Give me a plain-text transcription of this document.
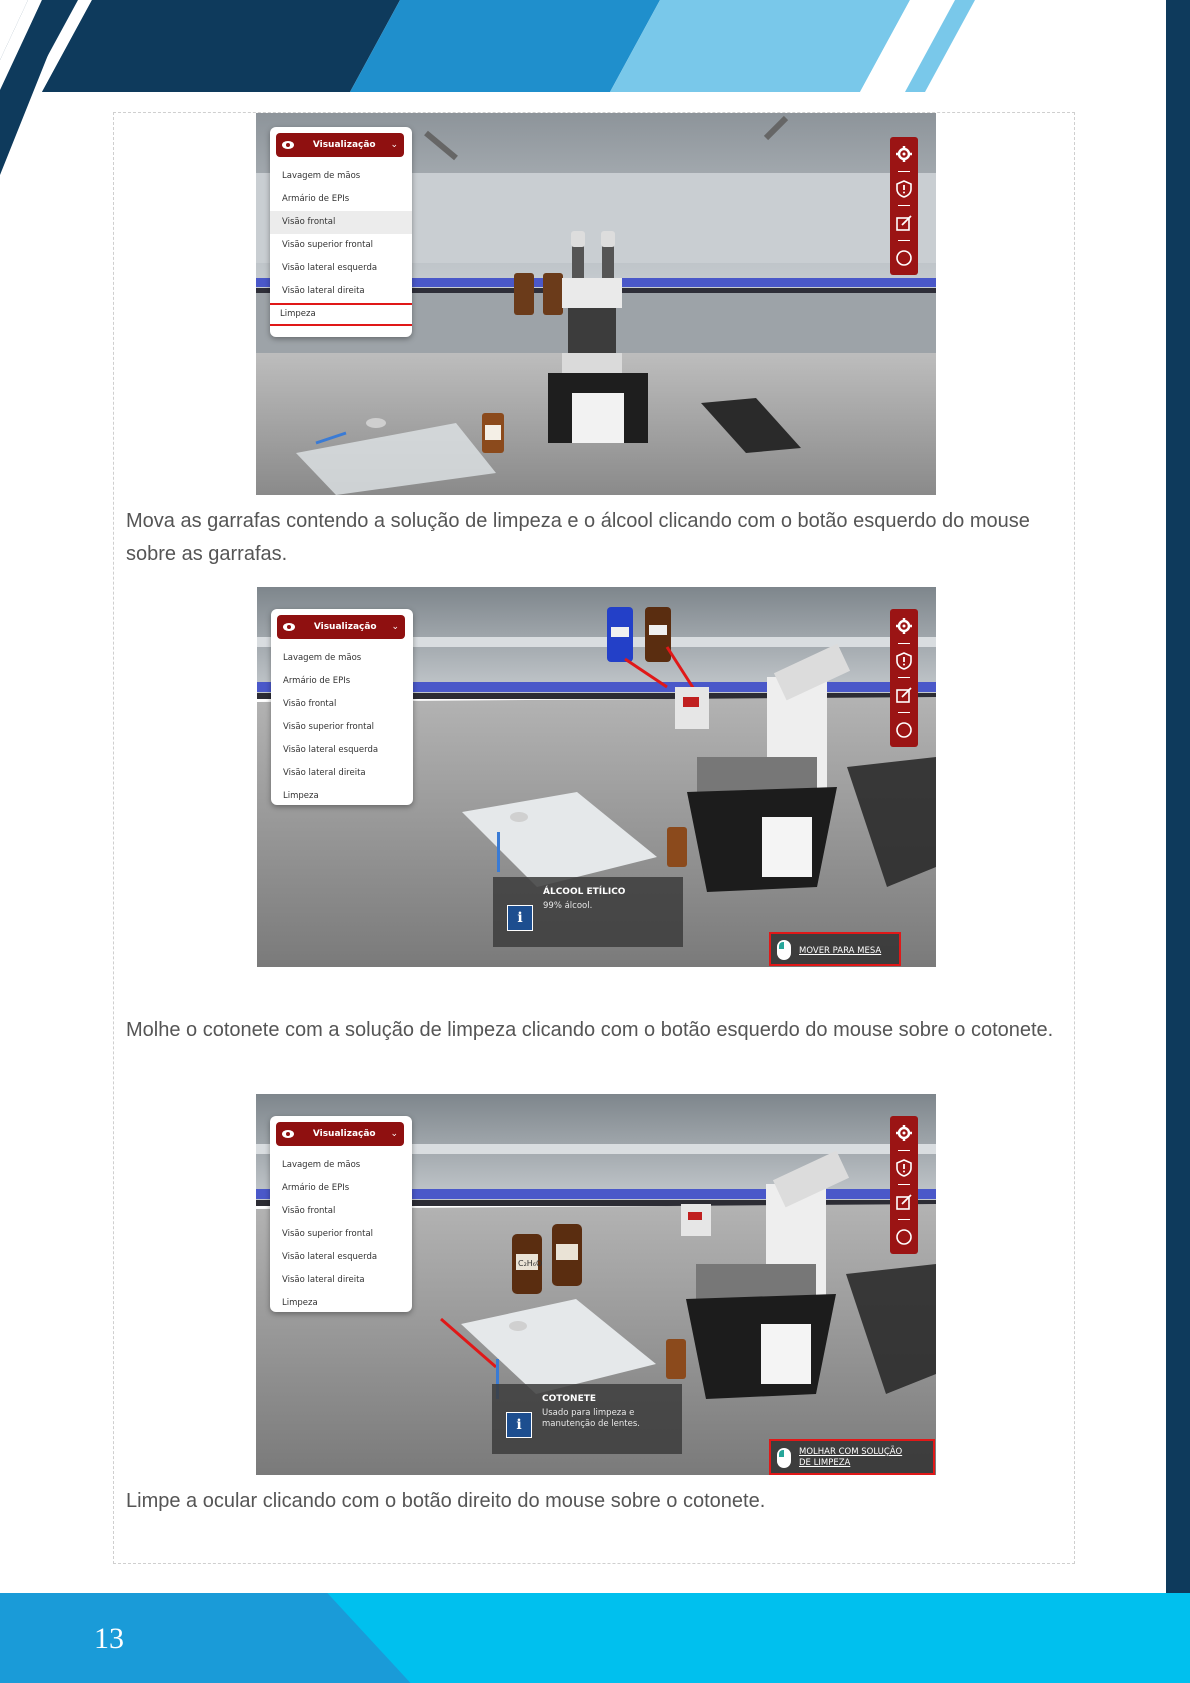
Visualização	⌄
Lavagem de mãos
Armário de EPIs
Visão frontal
Visão superior frontal
Visão lateral esquerda
Visão lateral direita
Limpeza

Mova as garrafas contendo a solução de limpeza e o álcool clicando com o botão esquerdo do mouse sobre as garrafas.

Visualização	⌄
Lavagem de mãos
Armário de EPIs
Visão frontal
Visão superior frontal
Visão lateral esquerda
Visão lateral direita
Limpeza
i
ÁLCOOL ETÍLICO
99% álcool.
MOVER PARA MESA

Molhe o cotonete com a solução de limpeza clicando com o botão esquerdo do mouse sobre o cotonete.

C₂H₆O
Visualização	⌄
Lavagem de mãos
Armário de EPIs
Visão frontal
Visão superior frontal
Visão lateral esquerda
Visão lateral direita
Limpeza
i
COTONETE
Usado para limpeza e
manutenção de lentes.
MOLHAR COM SOLUÇÃO
DE LIMPEZA

Limpe a ocular clicando com o botão direito do mouse sobre o cotonete.

13
